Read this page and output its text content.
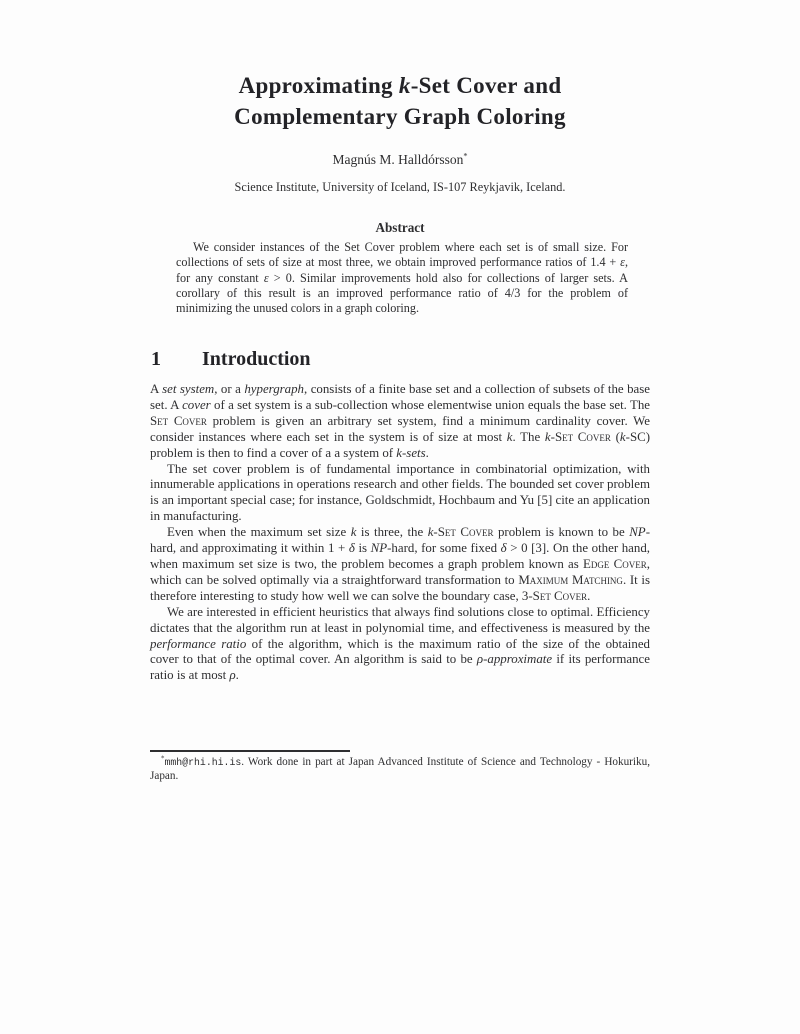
Approximating k-Set Cover and
Complementary Graph Coloring
Magnús M. Halldórsson*
Science Institute, University of Iceland, IS-107 Reykjavik, Iceland.
Abstract
We consider instances of the Set Cover problem where each set is of small size. For collections of sets of size at most three, we obtain improved performance ratios of 1.4 + ε, for any constant ε > 0. Similar improvements hold also for collections of larger sets. A corollary of this result is an improved performance ratio of 4/3 for the problem of minimizing the unused colors in a graph coloring.
1 Introduction

A set system, or a hypergraph, consists of a finite base set and a collection of subsets of the base set. A cover of a set system is a sub-collection whose elementwise union equals the base set. The Set Cover problem is given an arbitrary set system, find a minimum cardinality cover. We consider instances where each set in the system is of size at most k. The k-Set Cover (k-SC) problem is then to find a cover of a a system of k-sets.

The set cover problem is of fundamental importance in combinatorial optimization, with innumerable applications in operations research and other fields. The bounded set cover problem is an important special case; for instance, Goldschmidt, Hochbaum and Yu [5] cite an application in manufacturing.

Even when the maximum set size k is three, the k-Set Cover problem is known to be NP-hard, and approximating it within 1 + δ is NP-hard, for some fixed δ > 0 [3]. On the other hand, when maximum set size is two, the problem becomes a graph problem known as Edge Cover, which can be solved optimally via a straightforward transformation to Maximum Matching. It is therefore interesting to study how well we can solve the boundary case, 3-Set Cover.

We are interested in efficient heuristics that always find solutions close to optimal. Efficiency dictates that the algorithm run at least in polynomial time, and effectiveness is measured by the performance ratio of the algorithm, which is the maximum ratio of the size of the obtained cover to that of the optimal cover. An algorithm is said to be ρ-approximate if its performance ratio is at most ρ.

*mmh@rhi.hi.is. Work done in part at Japan Advanced Institute of Science and Technology - Hokuriku, Japan.
